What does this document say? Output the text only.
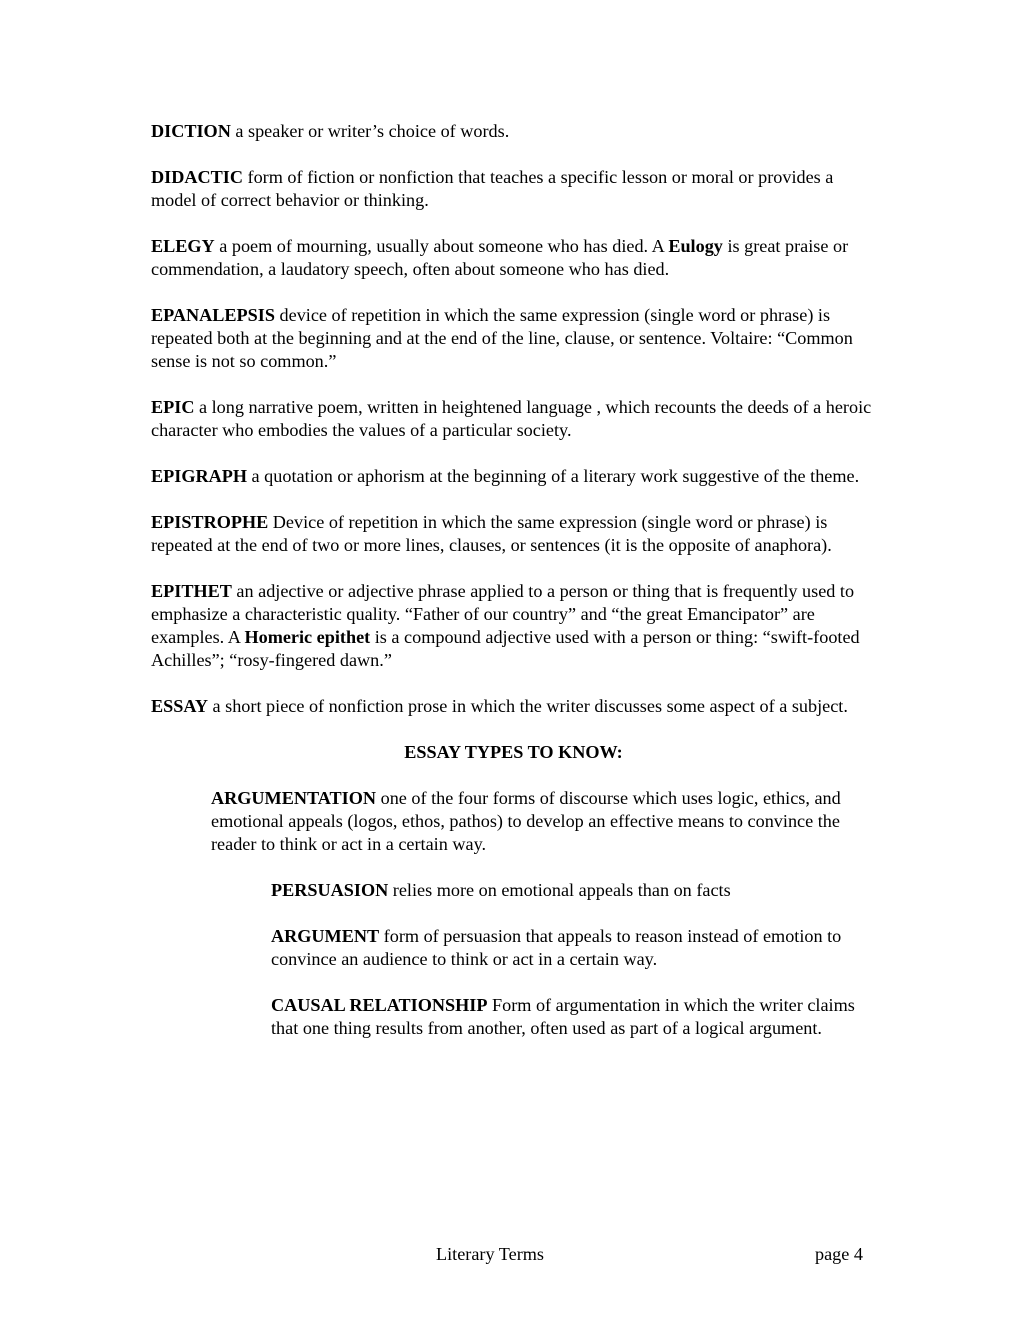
DICTION a speaker or writer’s choice of words.

DIDACTIC form of fiction or nonfiction that teaches a specific lesson or moral or provides a model of correct behavior or thinking.

ELEGY a poem of mourning, usually about someone who has died. A Eulogy is great praise or commendation, a laudatory speech, often about someone who has died.

EPANALEPSIS device of repetition in which the same expression (single word or phrase) is repeated both at the beginning and at the end of the line, clause, or sentence. Voltaire: “Common sense is not so common.”

EPIC a long narrative poem, written in heightened language , which recounts the deeds of a heroic character who embodies the values of a particular society.

EPIGRAPH a quotation or aphorism at the beginning of a literary work suggestive of the theme.

EPISTROPHE Device of repetition in which the same expression (single word or phrase) is repeated at the end of two or more lines, clauses, or sentences (it is the opposite of anaphora).

EPITHET an adjective or adjective phrase applied to a person or thing that is frequently used to emphasize a characteristic quality. “Father of our country” and “the great Emancipator” are examples. A Homeric epithet is a compound adjective used with a person or thing: “swift-footed Achilles”; “rosy-fingered dawn.”

ESSAY a short piece of nonfiction prose in which the writer discusses some aspect of a subject.

ESSAY TYPES TO KNOW:

ARGUMENTATION one of the four forms of discourse which uses logic, ethics, and emotional appeals (logos, ethos, pathos) to develop an effective means to convince the reader to think or act in a certain way.

PERSUASION relies more on emotional appeals than on facts

ARGUMENT form of persuasion that appeals to reason instead of emotion to convince an audience to think or act in a certain way.

CAUSAL RELATIONSHIP Form of argumentation in which the writer claims that one thing results from another, often used as part of a logical argument.

Literary Terms	page 4
